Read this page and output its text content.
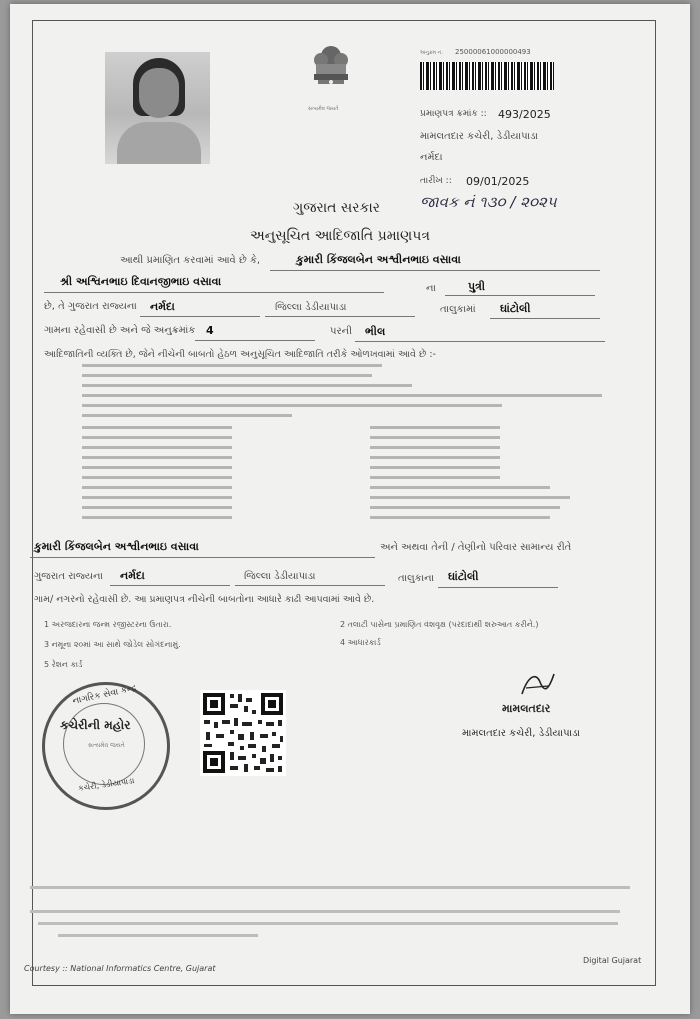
સત્યમેવ જયતે
અનુક્રમ નં. 25000061000000493
પ્રમાણપત્ર ક્રમાંક :: 493/2025
મામલતદાર કચેરી, ડેડીયાપાડા
નર્મદા
તારીખ :: 09/01/2025
જાવક નં ૧૩૦ / ૨૦૨૫
ગુજરાત સરકાર
અનુસૂચિત આદિજાતિ પ્રમાણપત્ર
આથી પ્રમાણિત કરવામાં આવે છે કે,	કુમારી કિંજલબેન અશ્વીનભાઇ વસાવા
શ્રી અશ્વિનભાઇ દિવાનજીભાઇ વસાવા
ના	પુત્રી
છે, તે ગુજરાત રાજ્યના નર્મદા	જિલ્લા ડેડીયાપાડા	તાલુકામાં ઘાંટોલી
ગામના રહેવાસી છે અને જે અનુક્રમાંક 4	પરની ભીલ
આદિજાતિની વ્યક્તિ છે, જેને નીચેની બાબતો હેઠળ અનુસૂચિત આદિજાતિ તરીકે ઓળખવામાં આવે છે :-
કુમારી કિંજલબેન અશ્વીનભાઇ વસાવા	અને અથવા તેની / તેણીનો પરિવાર સામાન્ય રીતે
ગુજરાત રાજ્યના નર્મદા	જિલ્લા ડેડીયાપાડા	તાલુકાના ઘાંટોલી
ગામ/ નગરનો રહેવાસી છે. આ પ્રમાણપત્ર નીચેની બાબતોના આધારે કાઢી આપવામાં આવે છે.
1 અરજદારના જન્મ રજીસ્ટરના ઉતારા.	2 તલાટી પાસેના પ્રમાણિત વંશવૃક્ષ (પરદાદાથી શરુઆત કરીને.)
3 નમૂના ૨૦માં આ સાથે જોડેલ સોગંદનામું.	4 આધારકાર્ડ
5 રેશન કાર્ડ
નાગરિક સેવા કેન્દ્ર
કચેરીની મહોર
સત્યમેવ જયતે
કચેરી, ડેડીયાપાડા
મામલતદાર
મામલતદાર કચેરી, ડેડીયાપાડા
Courtesy :: National Informatics Centre, Gujarat
Digital Gujarat
